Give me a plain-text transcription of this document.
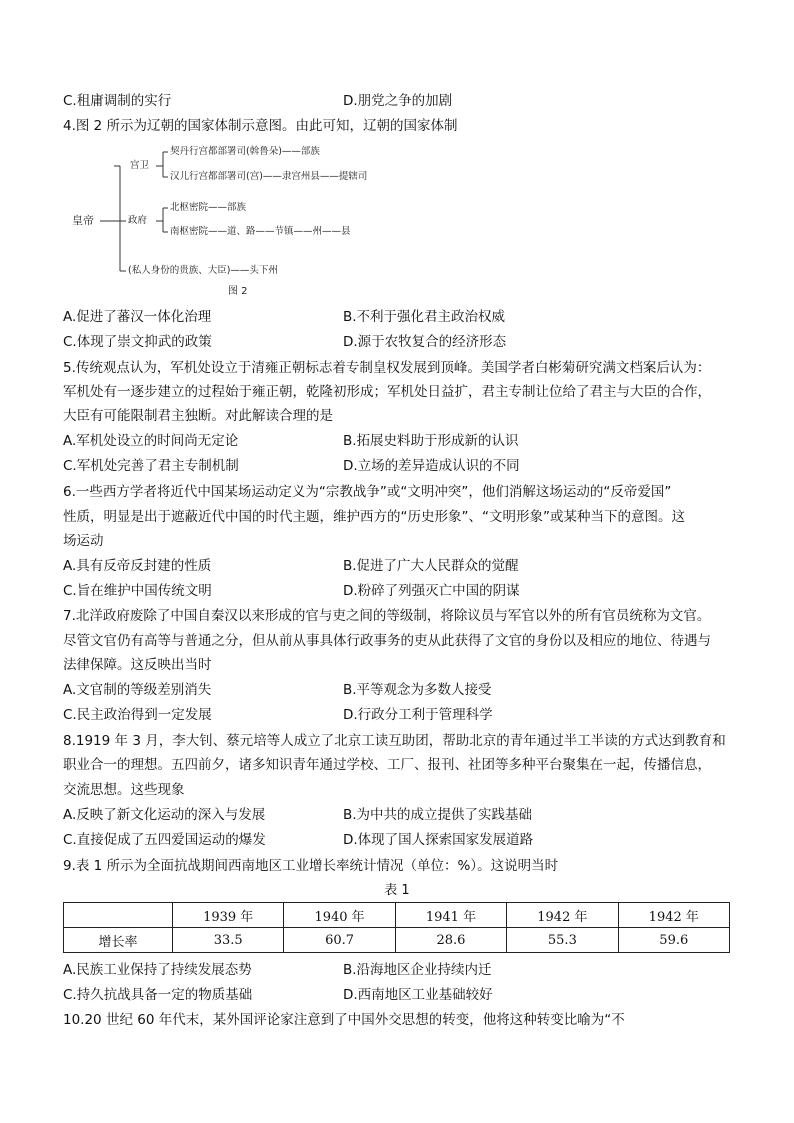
C.租庸调制的实行	D.朋党之争的加剧
4.图 2 所示为辽朝的国家体制示意图。由此可知，辽朝的国家体制
皇帝
宫卫
契丹行宫都部署司(斡鲁朵)——部族
汉儿行宫都部署司(宫)——隶宫州县——提辖司
政府
北枢密院——部族
南枢密院——道、路——节镇——州——县
(私人身份的贵族、大臣)——头下州
图 2
A.促进了蕃汉一体化治理	B.不利于强化君主政治权威
C.体现了崇文抑武的政策	D.源于农牧复合的经济形态
5.传统观点认为，军机处设立于清雍正朝标志着专制皇权发展到顶峰。美国学者白彬菊研究满文档案后认为：
军机处有一逐步建立的过程始于雍正朝，乾隆初形成；军机处日益扩，君主专制让位给了君主与大臣的合作，
大臣有可能限制君主独断。对此解读合理的是
A.军机处设立的时间尚无定论	B.拓展史料助于形成新的认识
C.军机处完善了君主专制机制	D.立场的差异造成认识的不同
6.一些西方学者将近代中国某场运动定义为“宗教战争”或“文明冲突”，他们消解这场运动的“反帝爱国”
性质，明显是出于遮蔽近代中国的时代主题，维护西方的“历史形象”、“文明形象”或某种当下的意图。这
场运动
A.具有反帝反封建的性质	B.促进了广大人民群众的觉醒
C.旨在维护中国传统文明	D.粉碎了列强灭亡中国的阴谋
7.北洋政府废除了中国自秦汉以来形成的官与吏之间的等级制，将除议员与军官以外的所有官员统称为文官。
尽管文官仍有高等与普通之分，但从前从事具体行政事务的吏从此获得了文官的身份以及相应的地位、待遇与
法律保障。这反映出当时
A.文官制的等级差别消失	B.平等观念为多数人接受
C.民主政治得到一定发展	D.行政分工利于管理科学
8.1919 年 3 月，李大钊、蔡元培等人成立了北京工读互助团，帮助北京的青年通过半工半读的方式达到教育和
职业合一的理想。五四前夕，诸多知识青年通过学校、工厂、报刊、社团等多种平台聚集在一起，传播信息，
交流思想。这些现象
A.反映了新文化运动的深入与发展	B.为中共的成立提供了实践基础
C.直接促成了五四爱国运动的爆发	D.体现了国人探索国家发展道路
9.表 1 所示为全面抗战期间西南地区工业增长率统计情况（单位：%）。这说明当时
表 1
	1939 年	1940 年	1941 年	1942 年	1942 年
增长率	33.5	60.7	28.6	55.3	59.6
A.民族工业保持了持续发展态势	B.沿海地区企业持续内迁
C.持久抗战具备一定的物质基础	D.西南地区工业基础较好
10.20 世纪 60 年代末，某外国评论家注意到了中国外交思想的转变，他将这种转变比喻为“不
